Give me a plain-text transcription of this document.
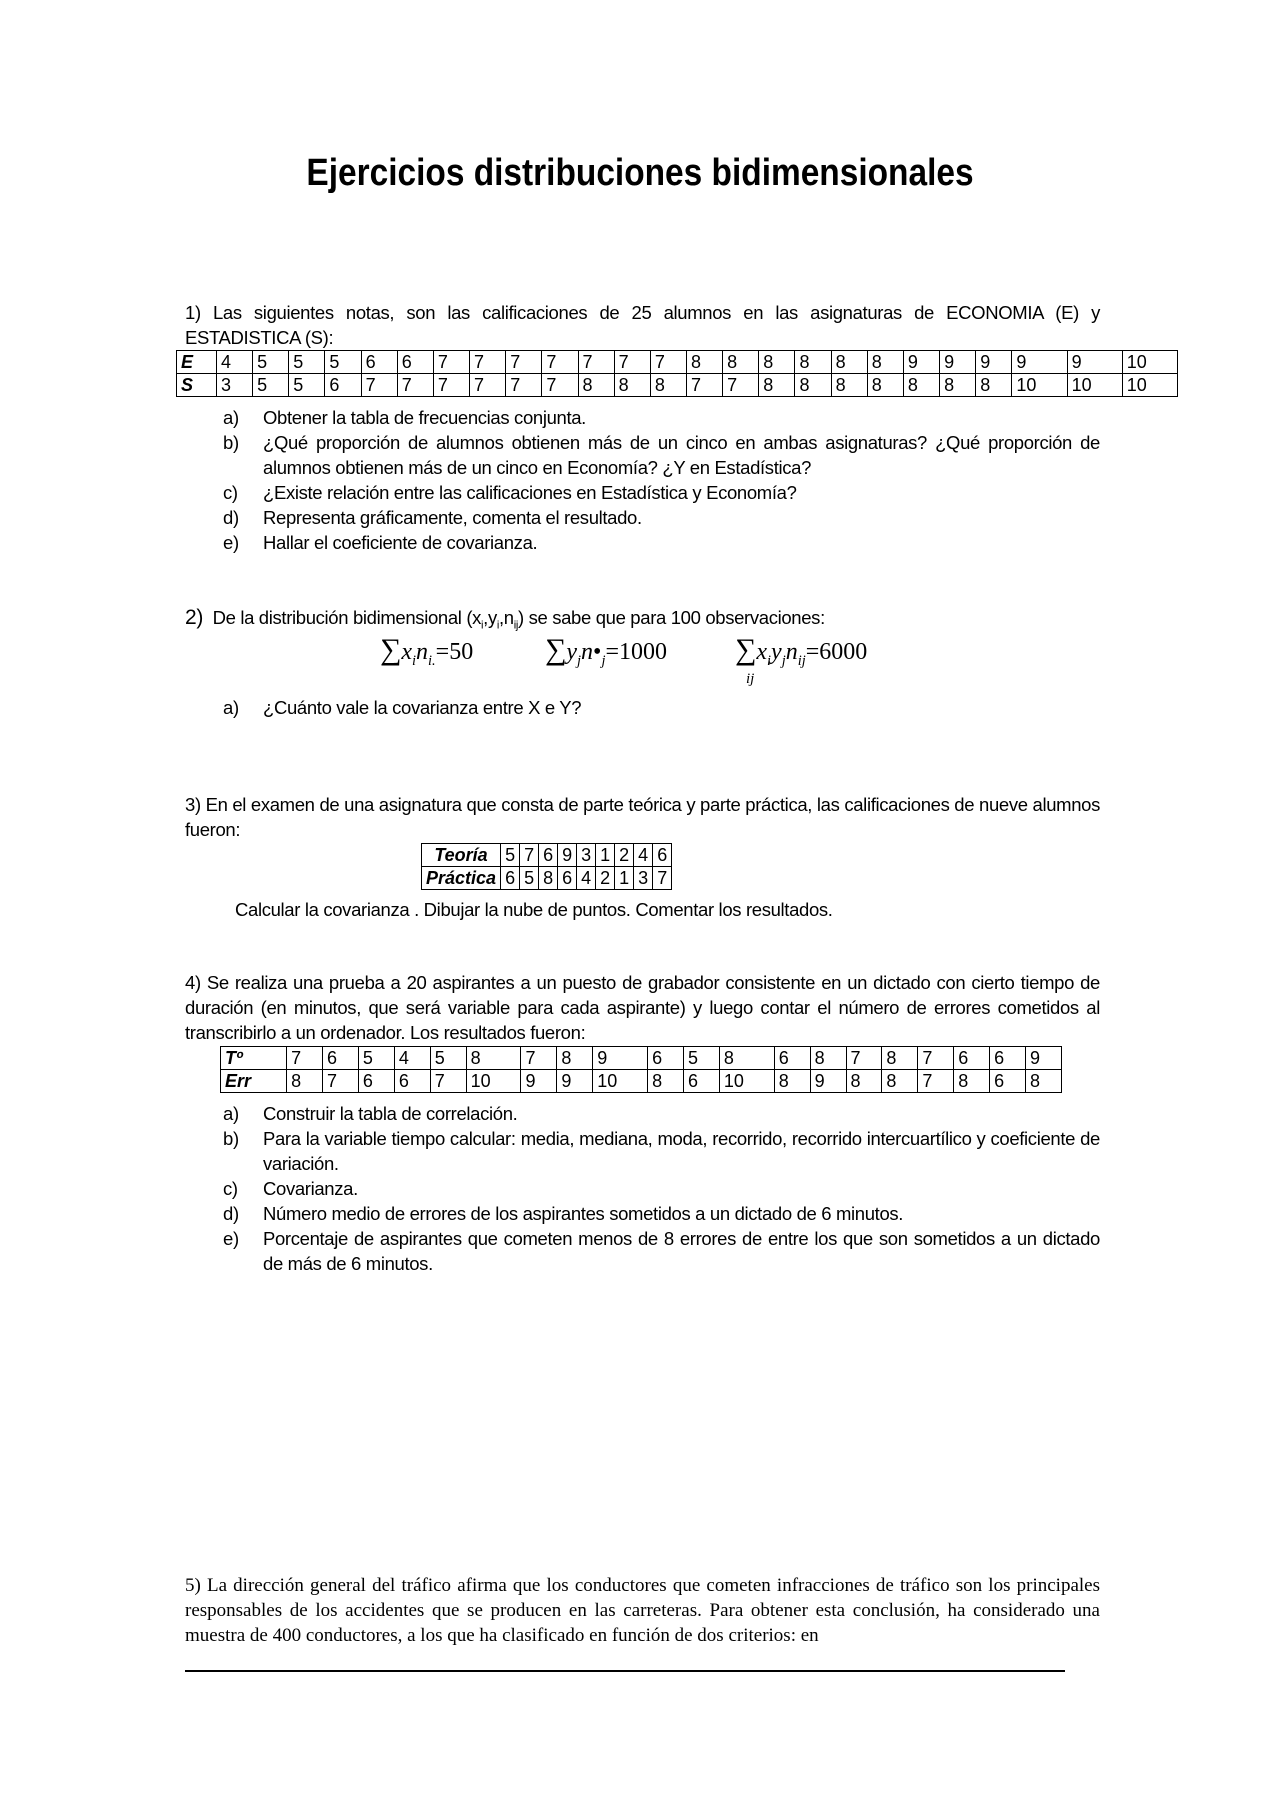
Ejercicios distribuciones bidimensionales
1) Las siguientes notas, son las calificaciones de 25 alumnos en las asignaturas de ECONOMIA (E) y ESTADISTICA (S):
E	4	5	5	5	6	6	7	7	7	7	7	7	7	8	8	8	8	8	8	9	9	9	9	9	10
S	3	5	5	6	7	7	7	7	7	7	8	8	8	7	7	8	8	8	8	8	8	8	10	10	10
a)	Obtener la tabla de frecuencias conjunta.
b)	¿Qué proporción de alumnos obtienen más de un cinco en ambas asignaturas? ¿Qué proporción de alumnos obtienen más de un cinco en Economía? ¿Y en Estadística?
c)	¿Existe relación entre las calificaciones en Estadística y Economía?
d)	Representa gráficamente, comenta el resultado.
e)	Hallar el coeficiente de covarianza.
2) De la distribución bidimensional $(x_i,y_i,n_{ij})$ se sabe que para 100 observaciones:
$\sum x_in_{i.}=50$ $\sum y_jn•_j=1000$ $\sum x_iy_jn_{ij}=6000$
ij
a)	¿Cuánto vale la covarianza entre X e Y?
3) En el examen de una asignatura que consta de parte teórica y parte práctica, las calificaciones de nueve alumnos fueron:
Teoría	5	7	6	9	3	1	2	4	6
Práctica	6	5	8	6	4	2	1	3	7
Calcular la covarianza . Dibujar la nube de puntos. Comentar los resultados.
4) Se realiza una prueba a 20 aspirantes a un puesto de grabador consistente en un dictado con cierto tiempo de duración (en minutos, que será variable para cada aspirante) y luego contar el número de errores cometidos al transcribirlo a un ordenador. Los resultados fueron:
Tº	7	6	5	4	5	8	7	8	9	6	5	8	6	8	7	8	7	6	6	9
Err	8	7	6	6	7	10	9	9	10	8	6	10	8	9	8	8	7	8	6	8
a)	Construir la tabla de correlación.
b)	Para la variable tiempo calcular: media, mediana, moda, recorrido, recorrido intercuartílico y coeficiente de variación.
c)	Covarianza.
d)	Número medio de errores de los aspirantes sometidos a un dictado de 6 minutos.
e)	Porcentaje de aspirantes que cometen menos de 8 errores de entre los que son sometidos a un dictado de más de 6 minutos.
5) La dirección general del tráfico afirma que los conductores que cometen infracciones de tráfico son los principales responsables de los accidentes que se producen en las carreteras. Para obtener esta conclusión, ha considerado una muestra de 400 conductores, a los que ha clasificado en función de dos criterios: en
